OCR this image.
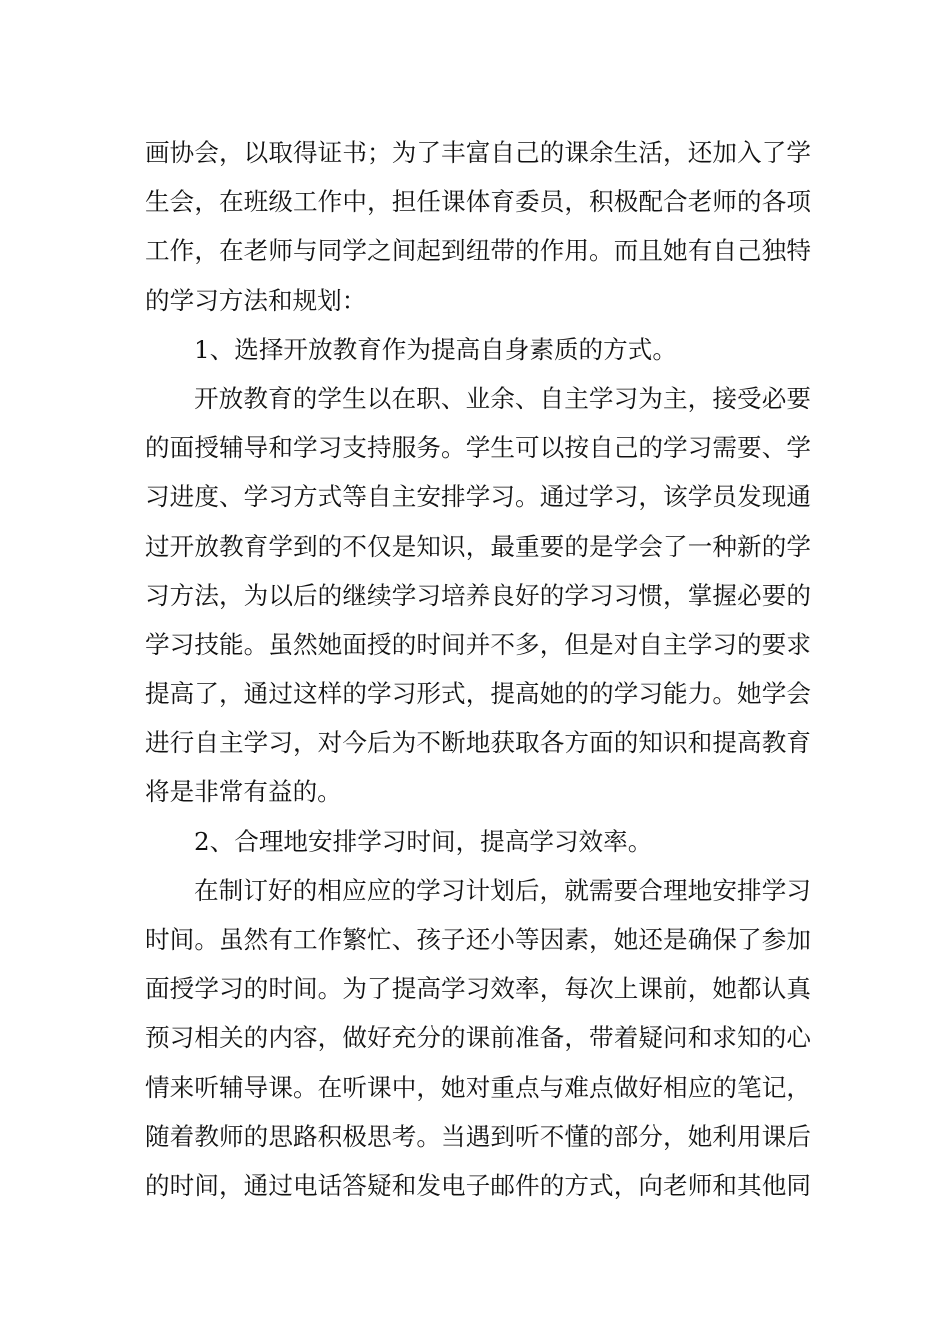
画协会，以取得证书；为了丰富自己的课余生活，还加入了学
生会，在班级工作中，担任课体育委员，积极配合老师的各项
工作，在老师与同学之间起到纽带的作用。而且她有自己独特
的学习方法和规划：
1、选择开放教育作为提高自身素质的方式。
开放教育的学生以在职、业余、自主学习为主，接受必要
的面授辅导和学习支持服务。学生可以按自己的学习需要、学
习进度、学习方式等自主安排学习。通过学习，该学员发现通
过开放教育学到的不仅是知识，最重要的是学会了一种新的学
习方法，为以后的继续学习培养良好的学习习惯，掌握必要的
学习技能。虽然她面授的时间并不多，但是对自主学习的要求
提高了，通过这样的学习形式，提高她的的学习能力。她学会
进行自主学习，对今后为不断地获取各方面的知识和提高教育
将是非常有益的。
2、合理地安排学习时间，提高学习效率。
在制订好的相应应的学习计划后，就需要合理地安排学习
时间。虽然有工作繁忙、孩子还小等因素，她还是确保了参加
面授学习的时间。为了提高学习效率，每次上课前，她都认真
预习相关的内容，做好充分的课前准备，带着疑问和求知的心
情来听辅导课。在听课中，她对重点与难点做好相应的笔记，
随着教师的思路积极思考。当遇到听不懂的部分，她利用课后
的时间，通过电话答疑和发电子邮件的方式，向老师和其他同
